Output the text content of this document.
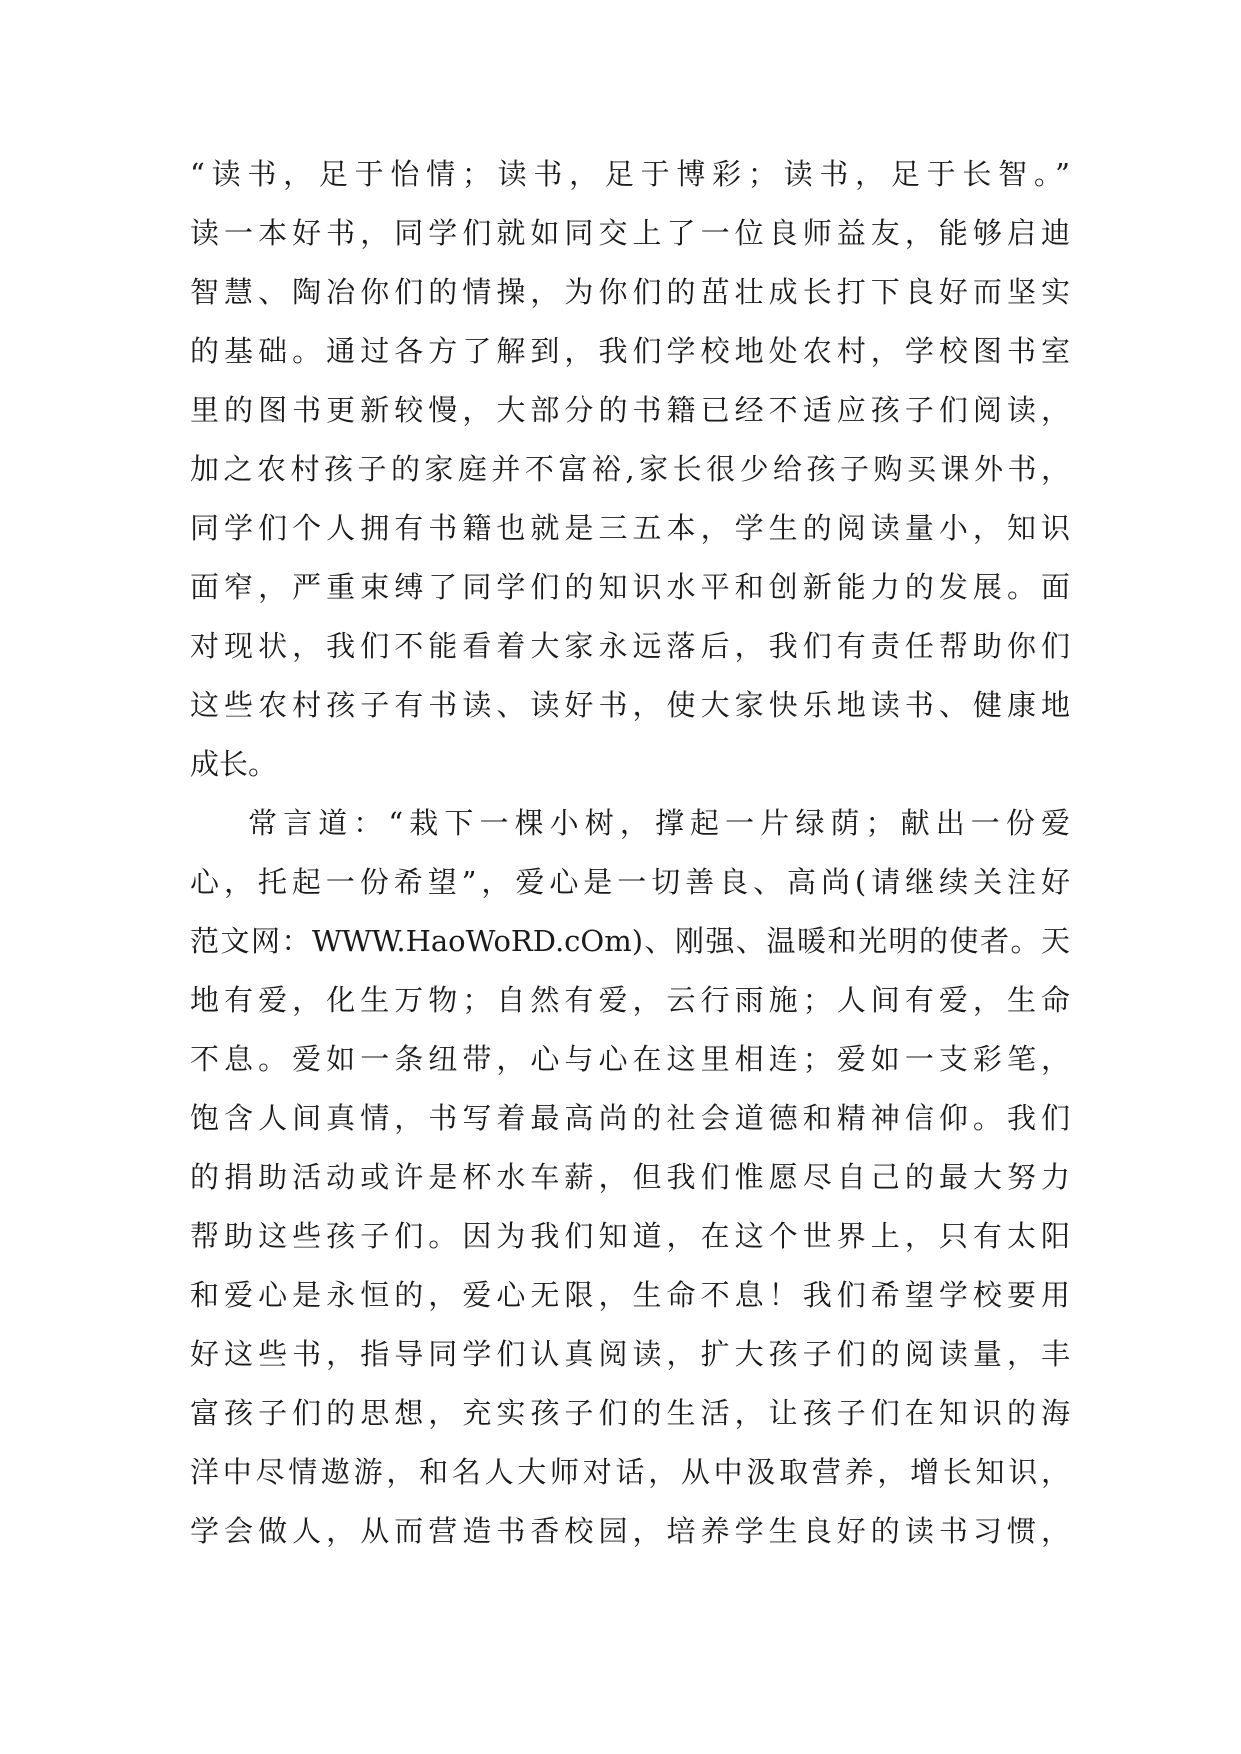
“读书，足于怡情；读书，足于博彩；读书，足于长智。”
读一本好书，同学们就如同交上了一位良师益友，能够启迪
智慧、陶冶你们的情操，为你们的茁壮成长打下良好而坚实
的基础。通过各方了解到，我们学校地处农村，学校图书室
里的图书更新较慢，大部分的书籍已经不适应孩子们阅读，
加之农村孩子的家庭并不富裕,家长很少给孩子购买课外书，
同学们个人拥有书籍也就是三五本，学生的阅读量小，知识
面窄，严重束缚了同学们的知识水平和创新能力的发展。面
对现状，我们不能看着大家永远落后，我们有责任帮助你们
这些农村孩子有书读、读好书，使大家快乐地读书、健康地
成长。
常言道：“栽下一棵小树，撑起一片绿荫；献出一份爱
心，托起一份希望”，爱心是一切善良、高尚(请继续关注好
范文网：WWW.HaoWoRD.cOm)、刚强、温暖和光明的使者。天
地有爱，化生万物；自然有爱，云行雨施；人间有爱，生命
不息。爱如一条纽带，心与心在这里相连；爱如一支彩笔，
饱含人间真情，书写着最高尚的社会道德和精神信仰。我们
的捐助活动或许是杯水车薪，但我们惟愿尽自己的最大努力
帮助这些孩子们。因为我们知道，在这个世界上，只有太阳
和爱心是永恒的，爱心无限，生命不息！我们希望学校要用
好这些书，指导同学们认真阅读，扩大孩子们的阅读量，丰
富孩子们的思想，充实孩子们的生活，让孩子们在知识的海
洋中尽情遨游，和名人大师对话，从中汲取营养，增长知识，
学会做人，从而营造书香校园，培养学生良好的读书习惯，
